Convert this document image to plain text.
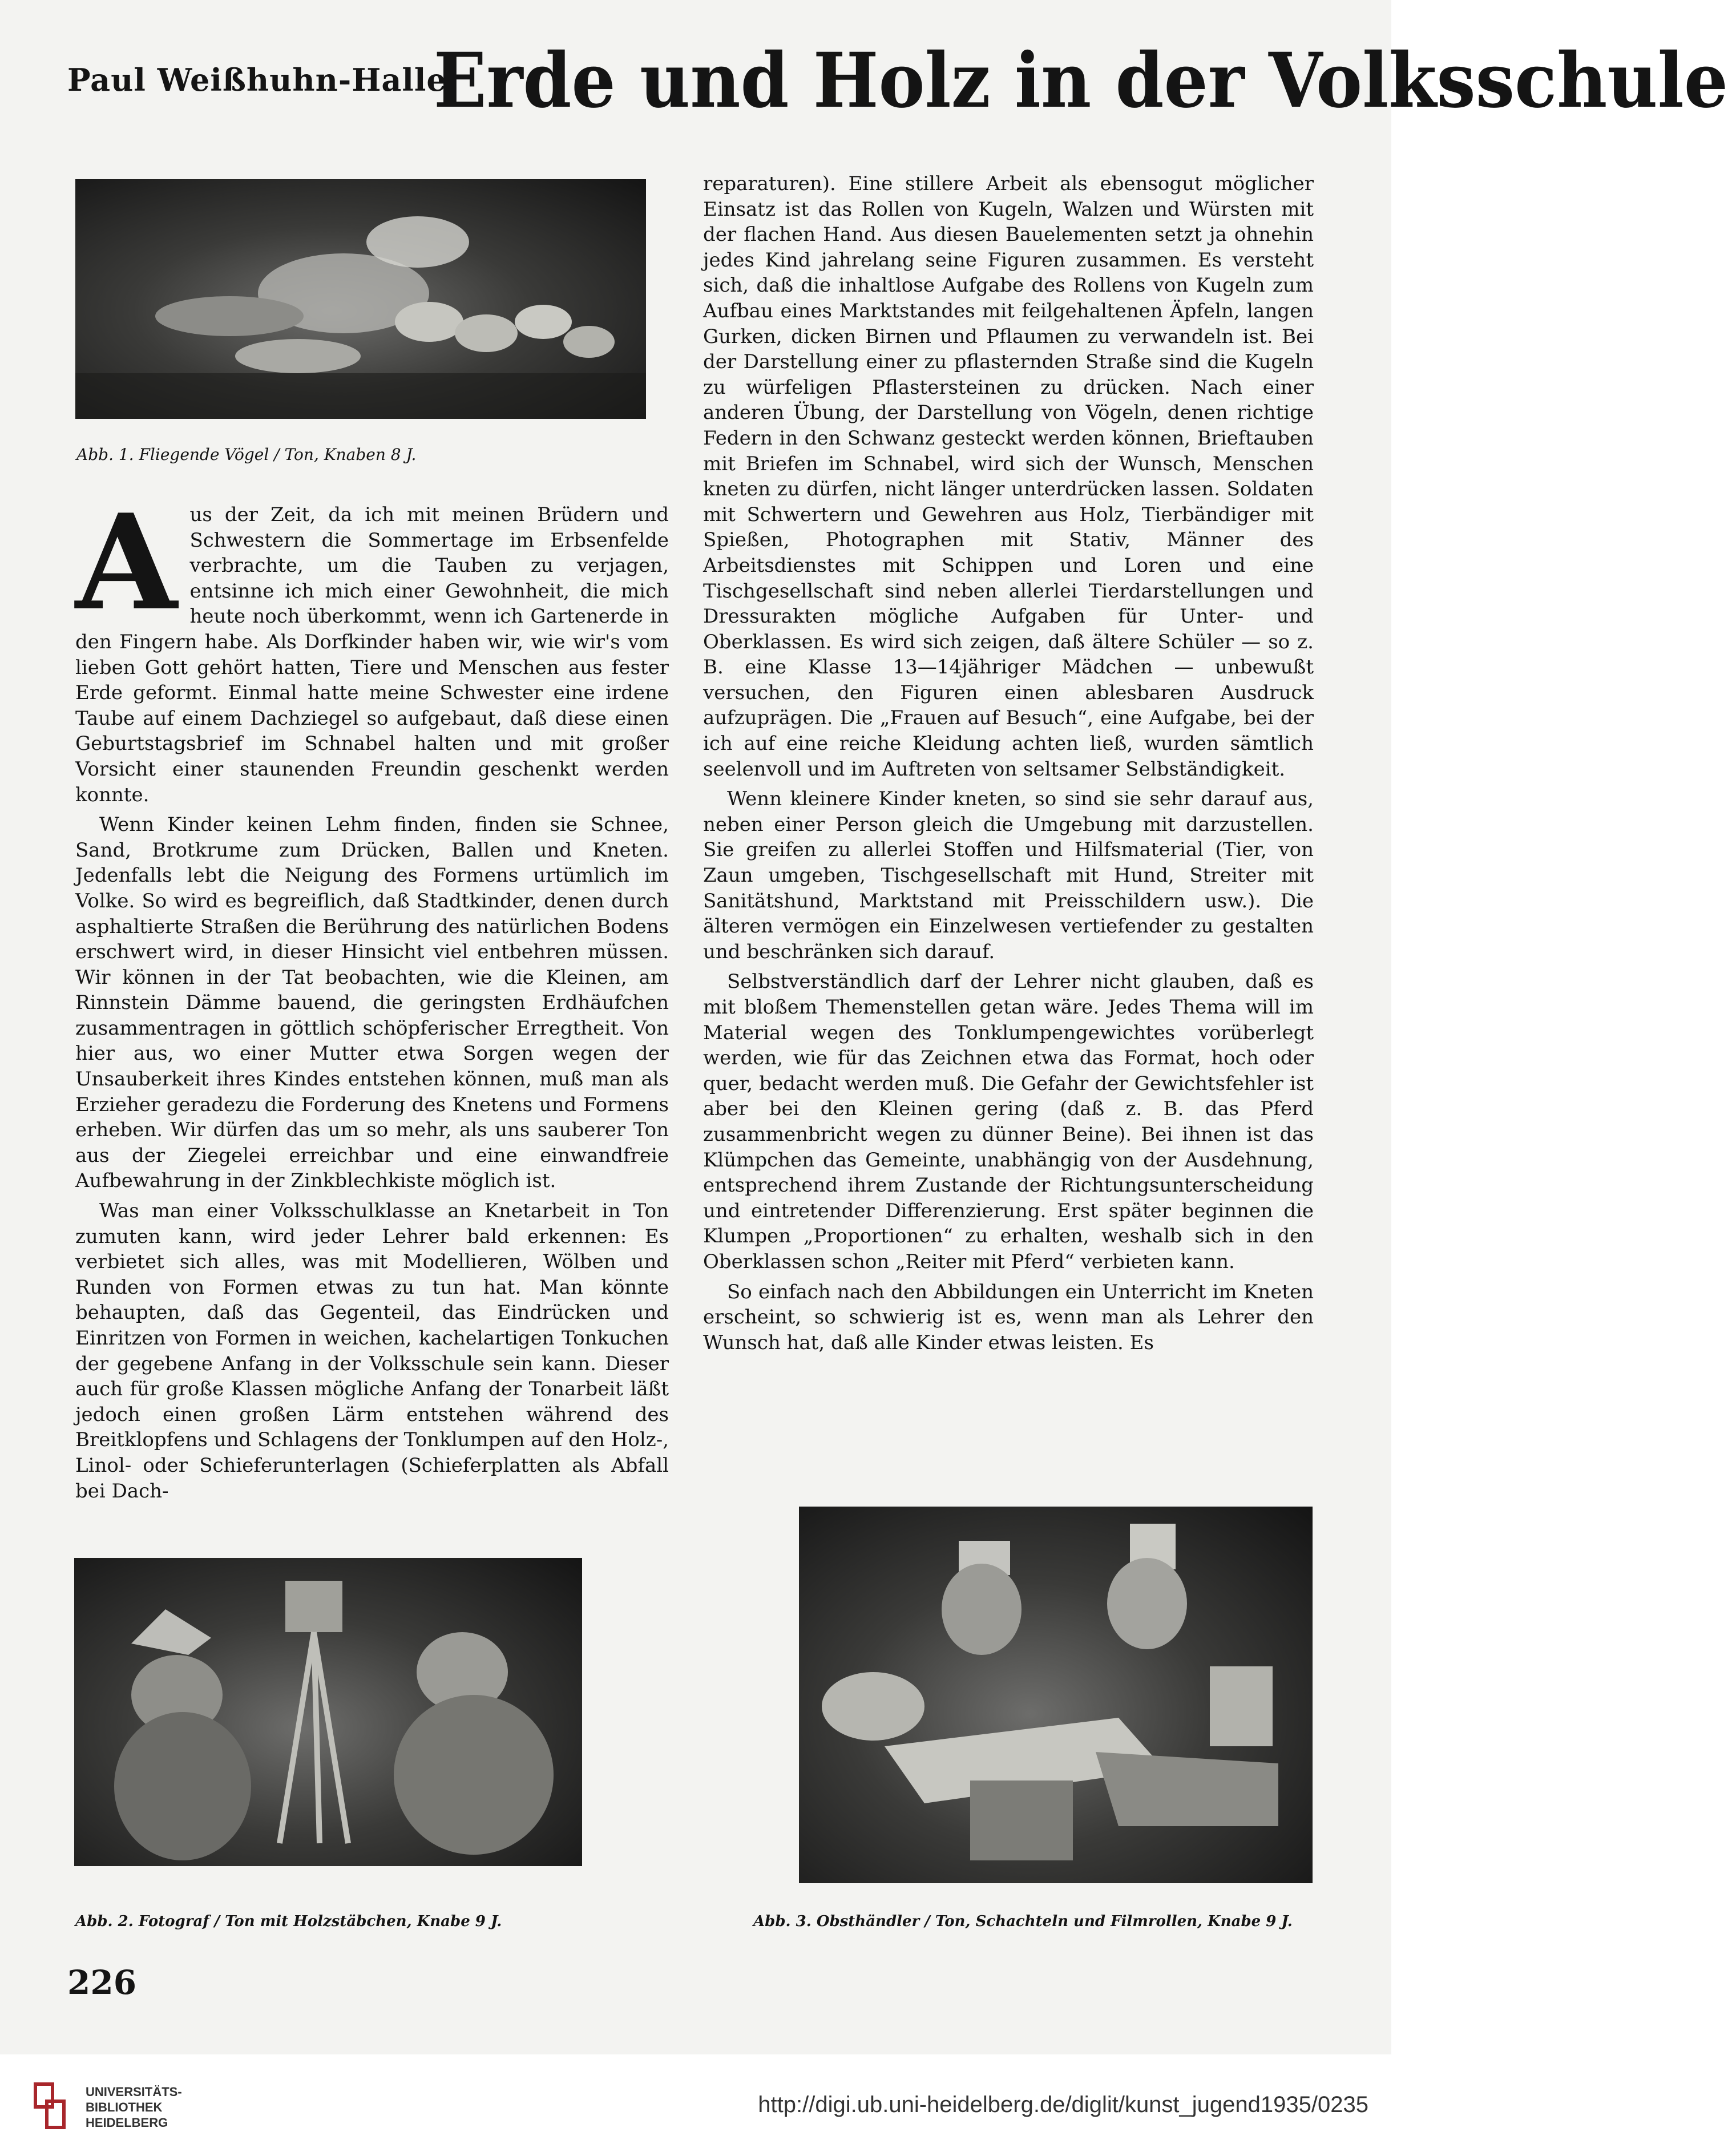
Paul Weißhuhn-Halle
Erde und Holz in der Volksschule
Abb. 1. Fliegende Vögel / Ton, Knaben 8 J.

Aus der Zeit, da ich mit meinen Brüdern und Schwestern die Sommertage im Erbsenfelde verbrachte, um die Tauben zu verjagen, entsinne ich mich einer Gewohnheit, die mich heute noch überkommt, wenn ich Gartenerde in den Fingern habe. Als Dorfkinder haben wir, wie wir's vom lieben Gott gehört hatten, Tiere und Menschen aus fester Erde geformt. Einmal hatte meine Schwester eine irdene Taube auf einem Dachziegel so aufgebaut, daß diese einen Geburtstagsbrief im Schnabel halten und mit großer Vorsicht einer staunenden Freundin geschenkt werden konnte.

Wenn Kinder keinen Lehm finden, finden sie Schnee, Sand, Brotkrume zum Drücken, Ballen und Kneten. Jedenfalls lebt die Neigung des Formens urtümlich im Volke. So wird es begreiflich, daß Stadtkinder, denen durch asphaltierte Straßen die Berührung des natürlichen Bodens erschwert wird, in dieser Hinsicht viel entbehren müssen. Wir können in der Tat beobachten, wie die Kleinen, am Rinnstein Dämme bauend, die geringsten Erdhäufchen zusammentragen in göttlich schöpferischer Erregtheit. Von hier aus, wo einer Mutter etwa Sorgen wegen der Unsauberkeit ihres Kindes entstehen können, muß man als Erzieher geradezu die Forderung des Knetens und Formens erheben. Wir dürfen das um so mehr, als uns sauberer Ton aus der Ziegelei erreichbar und eine einwandfreie Aufbewahrung in der Zinkblechkiste möglich ist.

Was man einer Volksschulklasse an Knetarbeit in Ton zumuten kann, wird jeder Lehrer bald erkennen: Es verbietet sich alles, was mit Modellieren, Wölben und Runden von Formen etwas zu tun hat. Man könnte behaupten, daß das Gegenteil, das Eindrücken und Einritzen von Formen in weichen, kachelartigen Tonkuchen der gegebene Anfang in der Volksschule sein kann. Dieser auch für große Klassen mögliche Anfang der Tonarbeit läßt jedoch einen großen Lärm entstehen während des Breitklopfens und Schlagens der Tonklumpen auf den Holz-, Linol- oder Schieferunterlagen (Schieferplatten als Abfall bei Dach-

reparaturen). Eine stillere Arbeit als ebensogut möglicher Einsatz ist das Rollen von Kugeln, Walzen und Würsten mit der flachen Hand. Aus diesen Bauelementen setzt ja ohnehin jedes Kind jahrelang seine Figuren zusammen. Es versteht sich, daß die inhaltlose Aufgabe des Rollens von Kugeln zum Aufbau eines Marktstandes mit feilgehaltenen Äpfeln, langen Gurken, dicken Birnen und Pflaumen zu verwandeln ist. Bei der Darstellung einer zu pflasternden Straße sind die Kugeln zu würfeligen Pflastersteinen zu drücken. Nach einer anderen Übung, der Darstellung von Vögeln, denen richtige Federn in den Schwanz gesteckt werden können, Brieftauben mit Briefen im Schnabel, wird sich der Wunsch, Menschen kneten zu dürfen, nicht länger unterdrücken lassen. Soldaten mit Schwertern und Gewehren aus Holz, Tierbändiger mit Spießen, Photographen mit Stativ, Männer des Arbeitsdienstes mit Schippen und Loren und eine Tischgesellschaft sind neben allerlei Tierdarstellungen und Dressurakten mögliche Aufgaben für Unter- und Oberklassen. Es wird sich zeigen, daß ältere Schüler — so z. B. eine Klasse 13—14jähriger Mädchen — unbewußt versuchen, den Figuren einen ablesbaren Ausdruck aufzuprägen. Die „Frauen auf Besuch“, eine Aufgabe, bei der ich auf eine reiche Kleidung achten ließ, wurden sämtlich seelenvoll und im Auftreten von seltsamer Selbständigkeit.

Wenn kleinere Kinder kneten, so sind sie sehr darauf aus, neben einer Person gleich die Umgebung mit darzustellen. Sie greifen zu allerlei Stoffen und Hilfsmaterial (Tier, von Zaun umgeben, Tischgesellschaft mit Hund, Streiter mit Sanitätshund, Marktstand mit Preisschildern usw.). Die älteren vermögen ein Einzelwesen vertiefender zu gestalten und beschränken sich darauf.

Selbstverständlich darf der Lehrer nicht glauben, daß es mit bloßem Themenstellen getan wäre. Jedes Thema will im Material wegen des Tonklumpengewichtes vorüberlegt werden, wie für das Zeichnen etwa das Format, hoch oder quer, bedacht werden muß. Die Gefahr der Gewichtsfehler ist aber bei den Kleinen gering (daß z. B. das Pferd zusammenbricht wegen zu dünner Beine). Bei ihnen ist das Klümpchen das Gemeinte, unabhängig von der Ausdehnung, entsprechend ihrem Zustande der Richtungsunterscheidung und eintretender Differenzierung. Erst später beginnen die Klumpen „Proportionen“ zu erhalten, weshalb sich in den Oberklassen schon „Reiter mit Pferd“ verbieten kann.

So einfach nach den Abbildungen ein Unterricht im Kneten erscheint, so schwierig ist es, wenn man als Lehrer den Wunsch hat, daß alle Kinder etwas leisten. Es

Abb. 2. Fotograf / Ton mit Holzstäbchen, Knabe 9 J.	Abb. 3. Obsthändler / Ton, Schachteln und Filmrollen, Knabe 9 J.
226
UNIVERSITÄTS-
BIBLIOTHEK
HEIDELBERG
http://digi.ub.uni-heidelberg.de/diglit/kunst_jugend1935/0235
